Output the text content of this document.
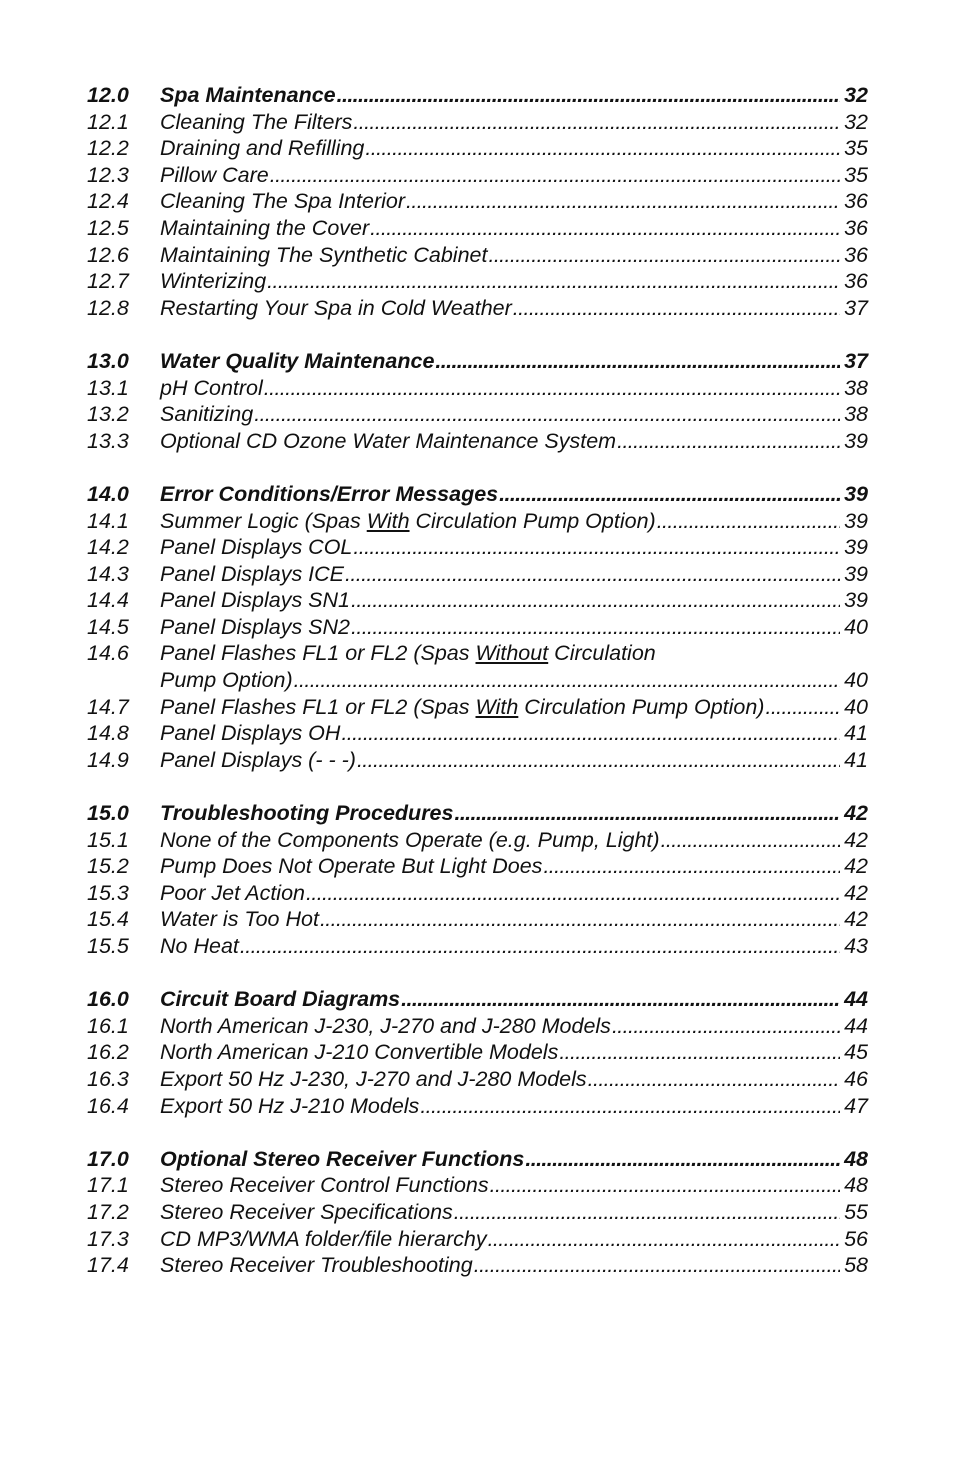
12.0	Spa Maintenance . . .	32
12.1	Cleaning The Filters . . .	32
12.2	Draining and Refilling . . .	35
12.3	Pillow Care . . .	35
12.4	Cleaning The Spa Interior . . .	36
12.5	Maintaining the Cover . . .	36
12.6	Maintaining The Synthetic Cabinet . . .	36
12.7	Winterizing . . .	36
12.8	Restarting Your Spa in Cold Weather . . .	37
13.0	Water Quality Maintenance . . .	37
13.1	pH Control . . .	38
13.2	Sanitizing . . .	38
13.3	Optional CD Ozone Water Maintenance System . . .	39
14.0	Error Conditions/Error Messages . . .	39
14.1	Summer Logic (Spas With Circulation Pump Option) . . .	39
14.2	Panel Displays COL . . .	39
14.3	Panel Displays ICE . . .	39
14.4	Panel Displays SN1 . . .	39
14.5	Panel Displays SN2 . . .	40
14.6	Panel Flashes FL1 or FL2 (Spas Without Circulation
Pump Option) . . .	40
14.7	Panel Flashes FL1 or FL2 (Spas With Circulation Pump Option) . . .	40
14.8	Panel Displays OH . . .	41
14.9	Panel Displays (- - -) . . .	41
15.0	Troubleshooting Procedures . . .	42
15.1	None of the Components Operate (e.g. Pump, Light) . . .	42
15.2	Pump Does Not Operate But Light Does . . .	42
15.3	Poor Jet Action . . .	42
15.4	Water is Too Hot . . .	42
15.5	No Heat . . .	43
16.0	Circuit Board Diagrams . . .	44
16.1	North American J-230, J-270 and J-280 Models . . .	44
16.2	North American J-210 Convertible Models . . .	45
16.3	Export 50 Hz J-230, J-270 and J-280 Models . . .	46
16.4	Export 50 Hz J-210 Models . . .	47
17.0	Optional Stereo Receiver Functions . . .	48
17.1	Stereo Receiver Control Functions . . .	48
17.2	Stereo Receiver Specifications . . .	55
17.3	CD MP3/WMA folder/file hierarchy . . .	56
17.4	Stereo Receiver Troubleshooting . . .	58
